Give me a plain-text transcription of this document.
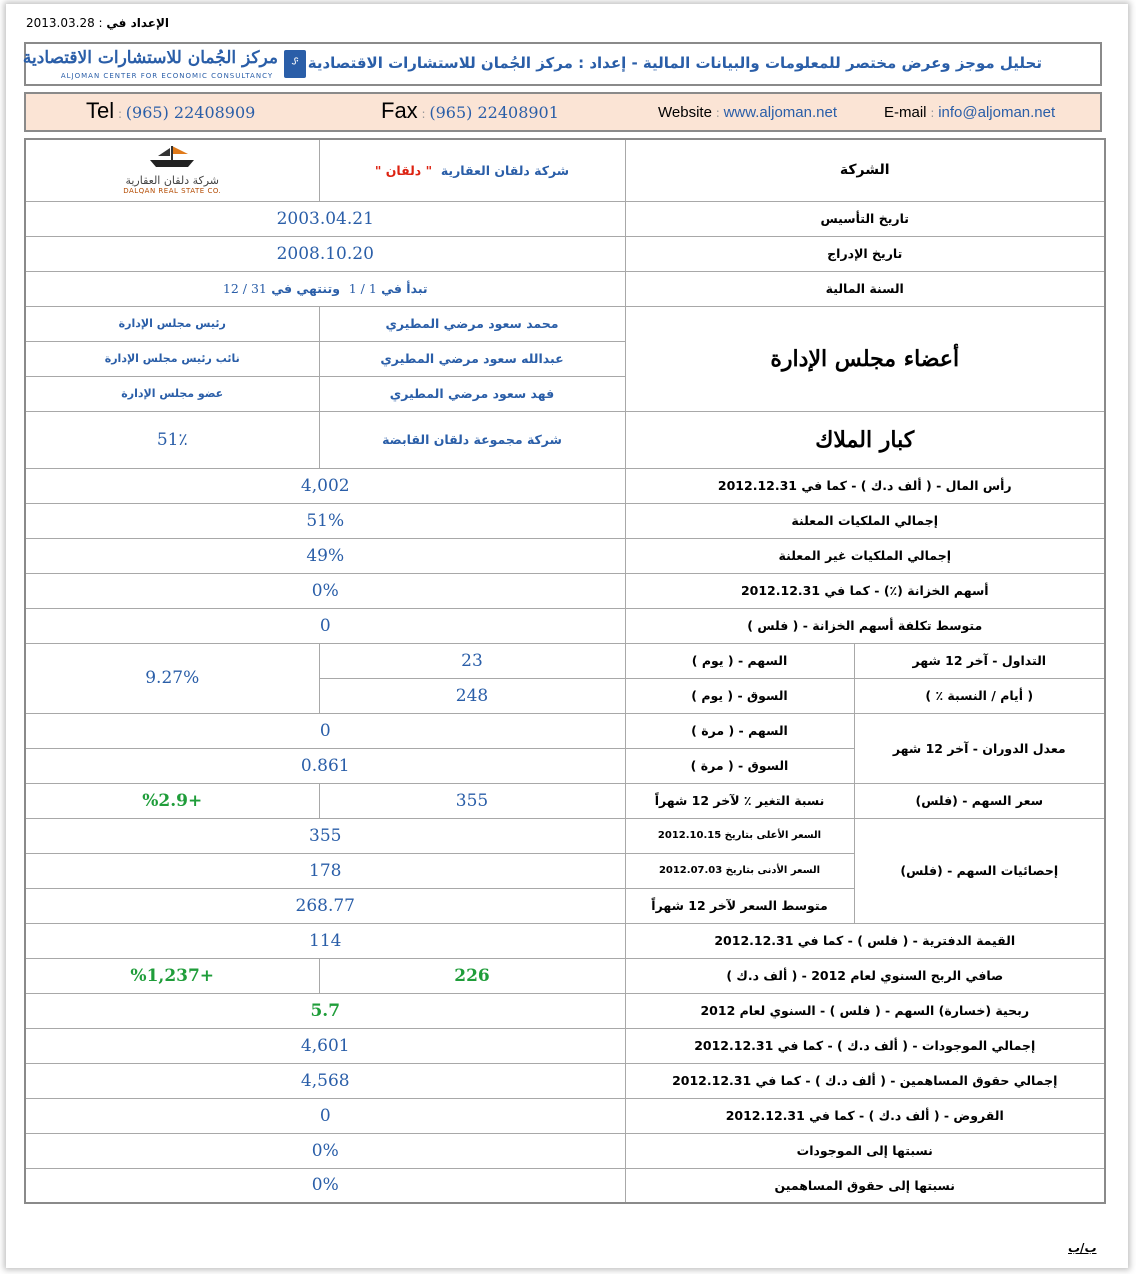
2013.03.28 : الإعداد في
مركز الجُمان للاستشارات الاقتصادية
ALJOMAN CENTER FOR ECONOMIC CONSULTANCY
⸈ تحليل موجز وعرض مختصر للمعلومات والبيانات المالية - إعداد : مركز الجُمان للاستشارات الاقتصادية
Tel : (965) 22408909	Fax : (965) 22408901	Website : www.aljoman.net	E-mail : info@aljoman.net
شركة دلقان العقارية
DALQAN REAL STATE CO.	شركة دلقان العقارية  " دلقان "	الشركة	
2003.04.21		تاريخ التأسيس	
2008.10.20		تاريخ الإدراج	
تبدأ في 1 / 1  وتنتهي في 31 / 12		السنة المالية	
رئيس مجلس الإدارة	محمد سعود مرضي المطيري	أعضاء مجلس الإدارة	
نائب رئيس مجلس الإدارة	عبدالله سعود مرضي المطيري		
عضو مجلس الإدارة	فهد سعود مرضي المطيري		
51٪	شركة مجموعة دلقان القابضة	كبار الملاك	
4,002		رأس المال - ( ألف د.ك ) - كما في 2012.12.31	
51%		إجمالي الملكيات المعلنة	
49%		إجمالي الملكيات غير المعلنة	
0%		أسهم الخزانة (٪) - كما في 2012.12.31	
0		متوسط تكلفة أسهم الخزانة - ( فلس )	
9.27%	23	السهم - ( يوم )	التداول - آخر 12 شهر
	248	السوق - ( يوم )	( أيام / النسبة ٪ )
0		السهم - ( مرة )	معدل الدوران - آخر 12 شهر
0.861		السوق - ( مرة )	
%2.9+	355	نسبة التغير ٪ لآخر 12 شهراً	سعر السهم - (فلس)
355		السعر الأعلى بتاريخ 2012.10.15	إحصائيات السهم - (فلس)
178		السعر الأدنى بتاريخ 2012.07.03	
268.77		متوسط السعر لآخر 12 شهراً	
114		القيمة الدفترية - ( فلس ) - كما في 2012.12.31	
%1,237+	226	صافي الربح السنوي لعام 2012 - ( ألف د.ك )	
5.7		ربحية (خسارة) السهم - ( فلس ) - السنوي لعام 2012	
4,601		إجمالي الموجودات - ( ألف د.ك ) - كما في 2012.12.31	
4,568		إجمالي حقوق المساهمين - ( ألف د.ك ) - كما في 2012.12.31	
0		القروض - ( ألف د.ك ) - كما في 2012.12.31	
0%		نسبتها إلى الموجودات	
0%		نسبتها إلى حقوق المساهمين	
ب/ب
